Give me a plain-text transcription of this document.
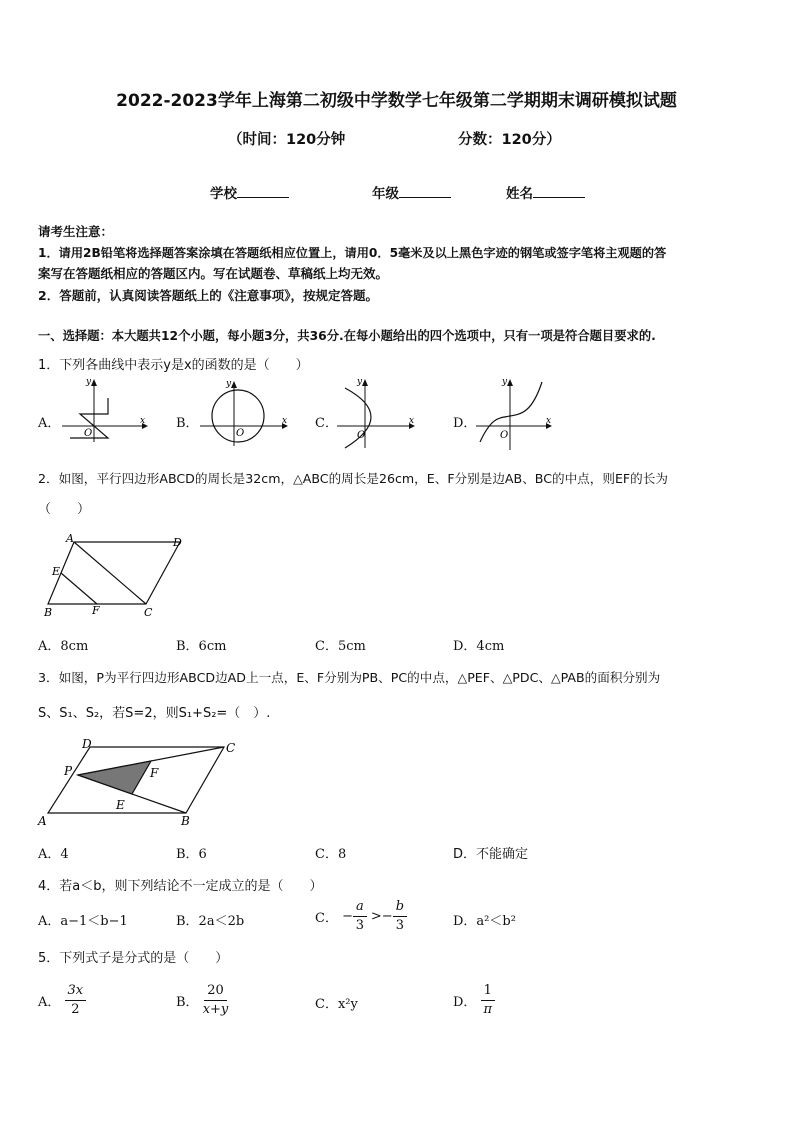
2022-2023学年上海第二初级中学数学七年级第二学期期末调研模拟试题
（时间：120分钟	分数：120分）
学校	年级	姓名
请考生注意：
1．请用2B铅笔将选择题答案涂填在答题纸相应位置上，请用0．5毫米及以上黑色字迹的钢笔或签字笔将主观题的答
案写在答题纸相应的答题区内。写在试题卷、草稿纸上均无效。
2．答题前，认真阅读答题纸上的《注意事项》，按规定答题。
一、选择题：本大题共12个小题，每小题3分，共36分.在每小题给出的四个选项中，只有一项是符合题目要求的.
1．下列各曲线中表示y是x的函数的是（　　）
A．	B．	C．	D．
y
x
O
y
x
O
y
x
O
y
x
O
2．如图，平行四边形ABCD的周长是32cm，△ABC的周长是26cm，E、F分别是边AB、BC的中点，则EF的长为
（　　）
A	D
E
B	F	C
A．8cm	B．6cm	C．5cm	D．4cm
3．如图，P为平行四边形ABCD边AD上一点，E、F分别为PB、PC的中点，△PEF、△PDC、△PAB的面积分别为
S、S₁、S₂，若S=2，则S₁+S₂=（　）.
D	C
P	F
E
A	B
A．4	B．6	C．8	D．不能确定
4．若a＜b，则下列结论不一定成立的是（　　）
A．a−1＜b−1	B．2a＜2b	C． − $\frac{a}{3} >- \frac{b}{3}$	D．a²＜b²
5．下列式子是分式的是（　　）
A． $\frac{3x}{2}$	B． $\frac{20}{x+y}$	C．x²y	D． $\frac{1}{\pi}$
